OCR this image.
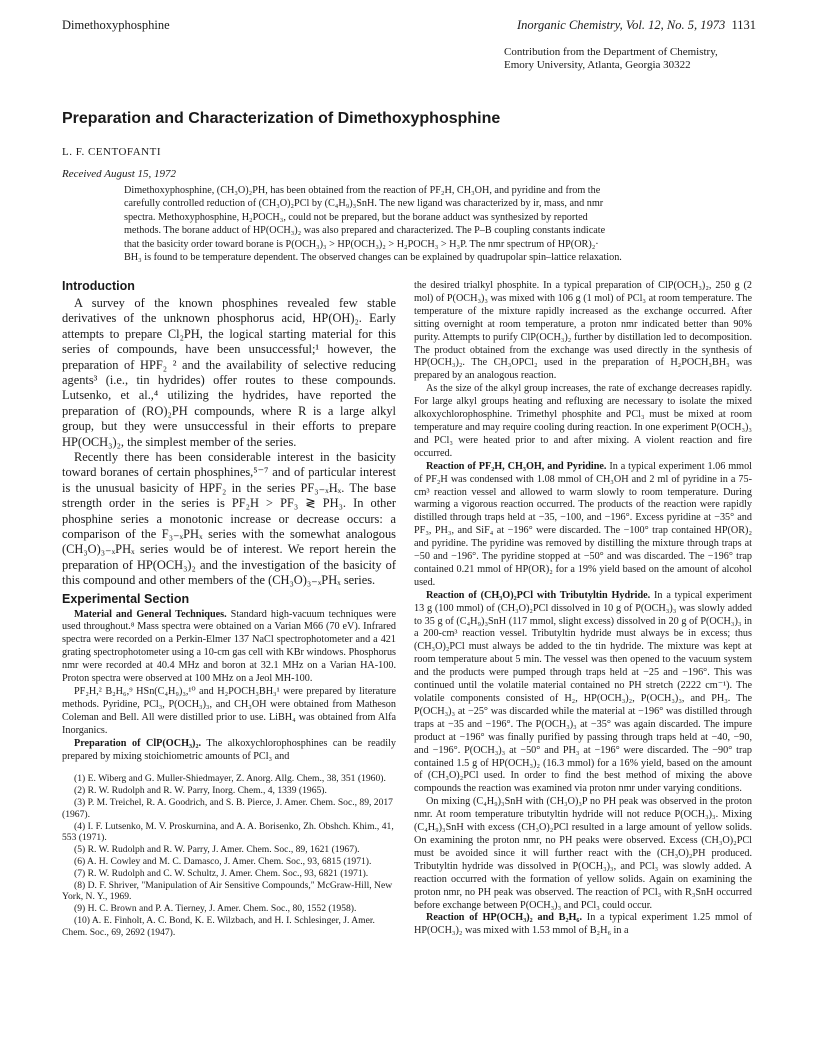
Dimethoxyphosphine	Inorganic Chemistry, Vol. 12, No. 5, 1973 1131
Contribution from the Department of Chemistry,
Emory University, Atlanta, Georgia 30322
Preparation and Characterization of Dimethoxyphosphine
L. F. CENTOFANTI
Received August 15, 1972

Dimethoxyphosphine, (CH₃O)₂PH, has been obtained from the reaction of PF₂H, CH₃OH, and pyridine and from the

carefully controlled reduction of (CH₃O)₂PCl by (C₄H₉)₃SnH. The new ligand was characterized by ir, mass, and nmr

spectra. Methoxyphosphine, H₂POCH₃, could not be prepared, but the borane adduct was synthesized by reported

methods. The borane adduct of HP(OCH₃)₂ was also prepared and characterized. The P–B coupling constants indicate

that the basicity order toward borane is P(OCH₃)₃ > HP(OCH₃)₂ > H₂POCH₃ > H₃P. The nmr spectrum of HP(OR)₂·

BH₃ is found to be temperature dependent. The observed changes can be explained by quadrupolar spin–lattice relaxation.

Introduction

A survey of the known phosphines revealed few stable derivatives of the unknown phosphorus acid, HP(OH)₂. Early attempts to prepare Cl₂PH, the logical starting material for this series of compounds, have been unsuccessful;¹ however, the preparation of HPF₂ ² and the availability of selective reducing agents³ (i.e., tin hydrides) offer routes to these compounds. Lutsenko, et al.,⁴ utilizing the hydrides, have reported the preparation of (RO)₂PH compounds, where R is a large alkyl group, but they were unsuccessful in their efforts to prepare HP(OCH₃)₂, the simplest member of the series.

Recently there has been considerable interest in the basicity toward boranes of certain phosphines,⁵⁻⁷ and of particular interest is the unusual basicity of HPF₂ in the series PF₃₋ₓHₓ. The base strength order in the series is PF₂H > PF₃ ≷ PH₃. In other phosphine series a monotonic increase or decrease occurs: a comparison of the F₃₋ₓPHₓ series with the somewhat analogous (CH₃O)₃₋ₓPHₓ series would be of interest. We report herein the preparation of HP(OCH₃)₂ and the investigation of the basicity of this compound and other members of the (CH₃O)₃₋ₓPHₓ series.

Experimental Section

Material and General Techniques. Standard high-vacuum techniques were used throughout.⁸ Mass spectra were obtained on a Varian M66 (70 eV). Infrared spectra were recorded on a Perkin-Elmer 137 NaCl spectrophotometer and a 421 grating spectrophotometer using a 10-cm gas cell with KBr windows. Phosphorus nmr were recorded at 40.4 MHz and boron at 32.1 MHz on a Varian HA-100. Proton spectra were observed at 100 MHz on a Jeol MH-100.

PF₂H,² B₂H₆,⁹ HSn(C₄H₉)₃,¹⁰ and H₂POCH₃BH₃¹ were prepared by literature methods. Pyridine, PCl₃, P(OCH₃)₃, and CH₃OH were obtained from Matheson Coleman and Bell. All were distilled prior to use. LiBH₄ was obtained from Alfa Inorganics.

Preparation of ClP(OCH₃)₂. The alkoxychlorophosphines can be readily prepared by mixing stoichiometric amounts of PCl₃ and

(1) E. Wiberg and G. Muller-Shiedmayer, Z. Anorg. Allg. Chem., 38, 351 (1960).
(2) R. W. Rudolph and R. W. Parry, Inorg. Chem., 4, 1339 (1965).
(3) P. M. Treichel, R. A. Goodrich, and S. B. Pierce, J. Amer. Chem. Soc., 89, 2017 (1967).
(4) I. F. Lutsenko, M. V. Proskurnina, and A. A. Borisenko, Zh. Obshch. Khim., 41, 553 (1971).
(5) R. W. Rudolph and R. W. Parry, J. Amer. Chem. Soc., 89, 1621 (1967).
(6) A. H. Cowley and M. C. Damasco, J. Amer. Chem. Soc., 93, 6815 (1971).
(7) R. W. Rudolph and C. W. Schultz, J. Amer. Chem. Soc., 93, 6821 (1971).
(8) D. F. Shriver, "Manipulation of Air Sensitive Compounds," McGraw-Hill, New York, N. Y., 1969.
(9) H. C. Brown and P. A. Tierney, J. Amer. Chem. Soc., 80, 1552 (1958).
(10) A. E. Finholt, A. C. Bond, K. E. Wilzbach, and H. I. Schlesinger, J. Amer. Chem. Soc., 69, 2692 (1947).

the desired trialkyl phosphite. In a typical preparation of ClP(OCH₃)₂, 250 g (2 mol) of P(OCH₃)₃ was mixed with 106 g (1 mol) of PCl₃ at room temperature. The temperature of the mixture rapidly increased as the exchange occurred. After sitting overnight at room temperature, a proton nmr indicated better than 90% purity. Attempts to purify ClP(OCH₃)₂ further by distillation led to decomposition. The product obtained from the exchange was used directly in the synthesis of HP(OCH₃)₂. The CH₃OPCl₂ used in the preparation of H₂POCH₃BH₃ was prepared by an analogous reaction.

As the size of the alkyl group increases, the rate of exchange decreases rapidly. For large alkyl groups heating and refluxing are necessary to isolate the mixed alkoxychlorophosphine. Trimethyl phosphite and PCl₃ must be mixed at room temperature and may require cooling during reaction. In one experiment P(OCH₃)₃ and PCl₃ were heated prior to and after mixing. A violent reaction and fire occurred.

Reaction of PF₂H, CH₃OH, and Pyridine. In a typical experiment 1.06 mmol of PF₂H was condensed with 1.08 mmol of CH₃OH and 2 ml of pyridine in a 75-cm³ reaction vessel and allowed to warm slowly to room temperature. During warming a vigorous reaction occurred. The products of the reaction were rapidly distilled through traps held at −35, −100, and −196°. Excess pyridine at −35° and PF₃, PH₃, and SiF₄ at −196° were discarded. The −100° trap contained HP(OR)₂ and pyridine. The pyridine was removed by distilling the mixture through traps at −50 and −196°. The pyridine stopped at −50° and was discarded. The −196° trap contained 0.21 mmol of HP(OR)₂ for a 19% yield based on the amount of alcohol used.

Reaction of (CH₃O)₂PCl with Tributyltin Hydride. In a typical experiment 13 g (100 mmol) of (CH₃O)₂PCl dissolved in 10 g of P(OCH₃)₃ was slowly added to 35 g of (C₄H₉)₃SnH (117 mmol, slight excess) dissolved in 20 g of P(OCH₃)₃ in a 200-cm³ reaction vessel. Tributyltin hydride must always be in excess; thus (CH₃O)₂PCl must always be added to the tin hydride. The mixture was kept at room temperature about 5 min. The vessel was then opened to the vacuum system and the products were pumped through traps held at −25 and −196°. This was continued until the volatile material contained no PH stretch (2222 cm⁻¹). The volatile components consisted of H₂, HP(OCH₃)₂, P(OCH₃)₃, and PH₃. The P(OCH₃)₃ at −25° was discarded while the material at −196° was distilled through traps at −35 and −196°. The P(OCH₃)₃ at −35° was again discarded. The impure product at −196° was finally purified by passing through traps held at −40, −90, and −196°. P(OCH₃)₃ at −50° and PH₃ at −196° were discarded. The −90° trap contained 1.5 g of HP(OCH₃)₂ (16.3 mmol) for a 16% yield, based on the amount of (CH₃O)₂PCl used. In order to find the best method of mixing the above compounds the reaction was examined via proton nmr under varying conditions.

On mixing (C₄H₉)₃SnH with (CH₃O)₃P no PH peak was observed in the proton nmr. At room temperature tributyltin hydride will not reduce P(OCH₃)₃. Mixing (C₄H₉)₃SnH with excess (CH₃O)₂PCl resulted in a large amount of yellow solids. On examining the proton nmr, no PH peaks were observed. Excess (CH₃O)₂PCl must be avoided since it will further react with the (CH₃O)₂PH produced. Tributyltin hydride was dissolved in P(OCH₃)₃, and PCl₃ was slowly added. A reaction occurred with the formation of yellow solids. Again on examining the proton nmr, no PH peak was observed. The reaction of PCl₃ with R₃SnH occurred before exchange between P(OCH₃)₃ and PCl₃ could occur.

Reaction of HP(OCH₃)₂ and B₂H₆. In a typical experiment 1.25 mmol of HP(OCH₃)₂ was mixed with 1.53 mmol of B₂H₆ in a
